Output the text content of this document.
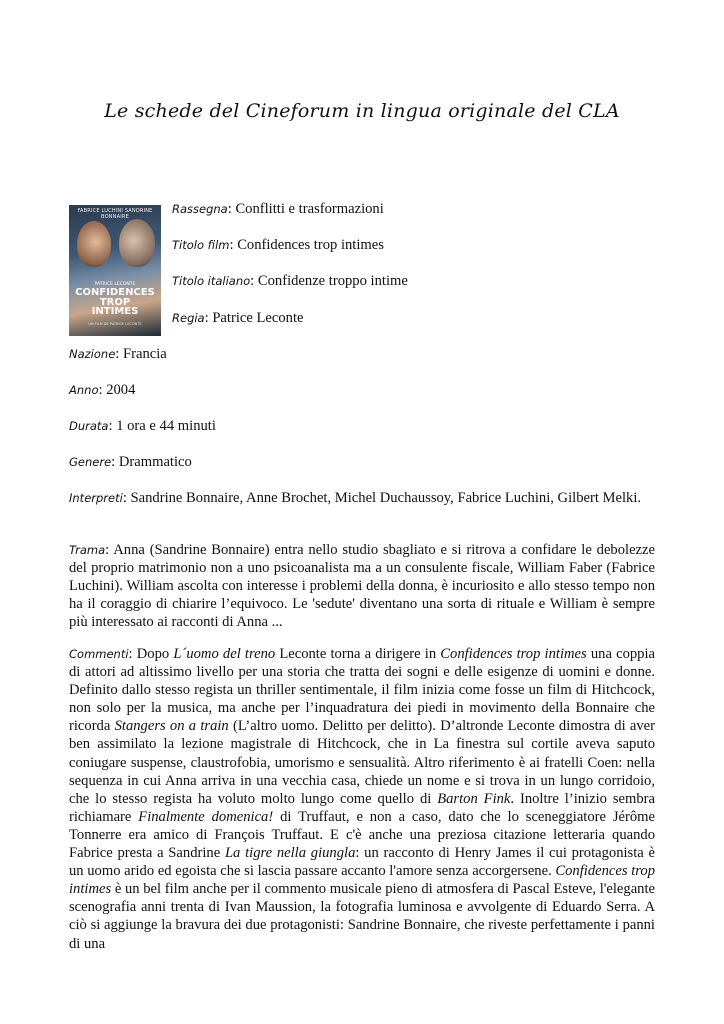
Le schede del Cineforum in lingua originale del CLA
FABRICE LUCHINI SANDRINE BONNAIRE
PATRICE LECONTE
CONFIDENCES
TROP
INTIMES
UN FILM DE PATRICE LECONTE
Rassegna: Conflitti e trasformazioni
Titolo film: Confidences trop intimes
Titolo italiano: Confidenze troppo intime
Regia: Patrice Leconte
Nazione: Francia
Anno: 2004
Durata: 1 ora e 44 minuti
Genere: Drammatico

Interpreti: Sandrine Bonnaire, Anne Brochet, Michel Duchaussoy, Fabrice Luchini, Gilbert Melki.

Trama: Anna (Sandrine Bonnaire) entra nello studio sbagliato e si ritrova a confidare le debolezze del proprio matrimonio non a uno psicoanalista ma a un consulente fiscale, William Faber (Fabrice Luchini). William ascolta con interesse i problemi della donna, è incuriosito e allo stesso tempo non ha il coraggio di chiarire l’equivoco. Le 'sedute' diventano una sorta di rituale e William è sempre più interessato ai racconti di Anna ...

Commenti: Dopo L´uomo del treno Leconte torna a dirigere in Confidences trop intimes una coppia di attori ad altissimo livello per una storia che tratta dei sogni e delle esigenze di uomini e donne. Definito dallo stesso regista un thriller sentimentale, il film inizia come fosse un film di Hitchcock, non solo per la musica, ma anche per l’inquadratura dei piedi in movimento della Bonnaire che ricorda Stangers on a train (L’altro uomo. Delitto per delitto). D’altronde Leconte dimostra di aver ben assimilato la lezione magistrale di Hitchcock, che in La finestra sul cortile aveva saputo coniugare suspense, claustrofobia, umorismo e sensualità. Altro riferimento è ai fratelli Coen: nella sequenza in cui Anna arriva in una vecchia casa, chiede un nome e si trova in un lungo corridoio, che lo stesso regista ha voluto molto lungo come quello di Barton Fink. Inoltre l’inizio sembra richiamare Finalmente domenica! di Truffaut, e non a caso, dato che lo sceneggiatore Jérôme Tonnerre era amico di François Truffaut. E c'è anche una preziosa citazione letteraria quando Fabrice presta a Sandrine La tigre nella giungla: un racconto di Henry James il cui protagonista è un uomo arido ed egoista che si lascia passare accanto l'amore senza accorgersene. Confidences trop intimes è un bel film anche per il commento musicale pieno di atmosfera di Pascal Esteve, l'elegante scenografia anni trenta di Ivan Maussion, la fotografia luminosa e avvolgente di Eduardo Serra. A ciò si aggiunge la bravura dei due protagonisti: Sandrine Bonnaire, che riveste perfettamente i panni di una
